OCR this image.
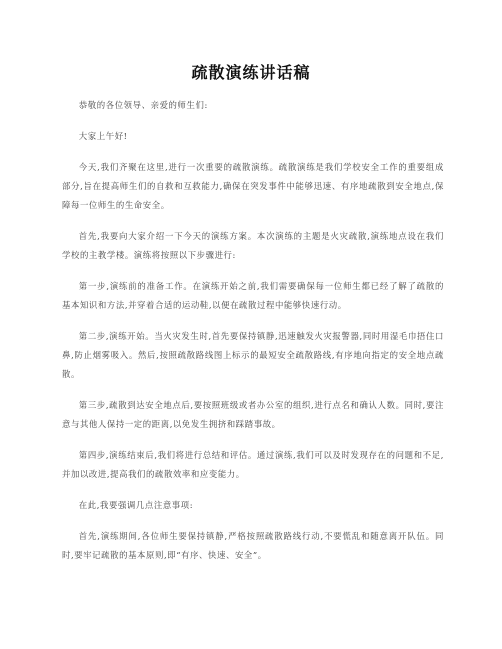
疏散演练讲话稿

恭敬的各位领导、亲爱的师生们:

大家上午好!

今天,我们齐聚在这里,进行一次重要的疏散演练。疏散演练是我们学校安全工作的重要组成部分,旨在提高师生们的自救和互救能力,确保在突发事件中能够迅速、有序地疏散到安全地点,保障每一位师生的生命安全。

首先,我要向大家介绍一下今天的演练方案。本次演练的主题是火灾疏散,演练地点设在我们学校的主教学楼。演练将按照以下步骤进行:

第一步,演练前的准备工作。在演练开始之前,我们需要确保每一位师生都已经了解了疏散的基本知识和方法,并穿着合适的运动鞋,以便在疏散过程中能够快速行动。

第二步,演练开始。当火灾发生时,首先要保持镇静,迅速触发火灾报警器,同时用湿毛巾捂住口鼻,防止烟雾吸入。然后,按照疏散路线图上标示的最短安全疏散路线,有序地向指定的安全地点疏散。

第三步,疏散到达安全地点后,要按照班级或者办公室的组织,进行点名和确认人数。同时,要注意与其他人保持一定的距离,以免发生拥挤和踩踏事故。

第四步,演练结束后,我们将进行总结和评估。通过演练,我们可以及时发现存在的问题和不足,并加以改进,提高我们的疏散效率和应变能力。

在此,我要强调几点注意事项:

首先,演练期间,各位师生要保持镇静,严格按照疏散路线行动,不要慌乱和随意离开队伍。同时,要牢记疏散的基本原则,即“有序、快速、安全”。
